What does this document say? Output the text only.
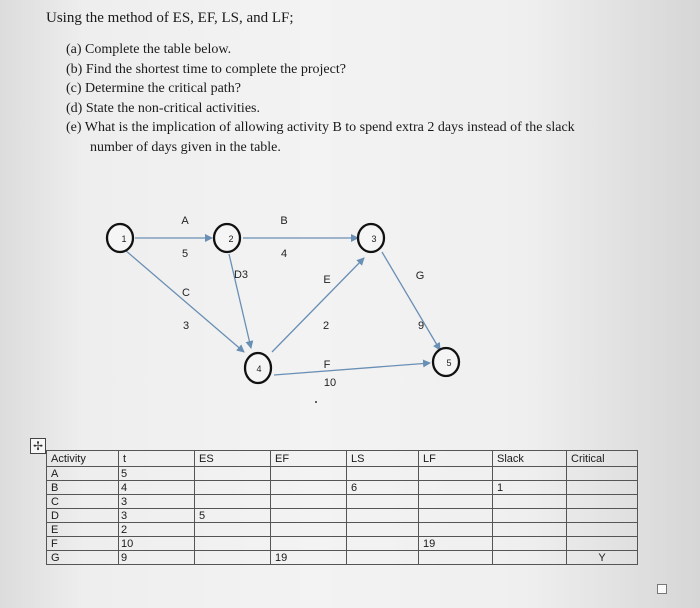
Using the method of ES, EF, LS, and LF;
(a) Complete the table below.
(b) Find the shortest time to complete the project?
(c) Determine the critical path?
(d) State the non-critical activities.
(e) What is the implication of allowing activity B to spend extra 2 days instead of the slack
number of days given in the table.
1	2	3
4
5
A
5
B
4
D3
C
3
E
2
G
9
F
10
✢
Activity	t	ES	EF	LS	LF	Slack	Critical
A	5						
B	4			6		1	
C	3						
D	3	5					
E	2						
F	10				19		
G	9		19				Y
